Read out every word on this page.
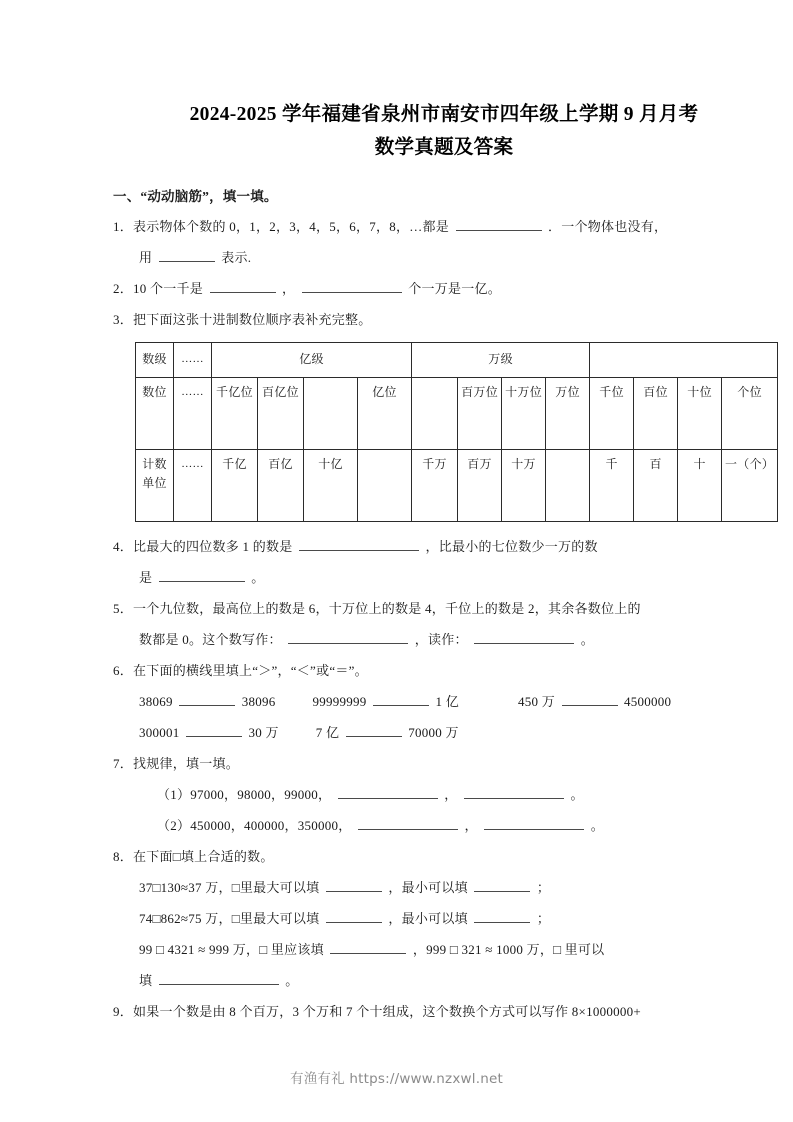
2024-2025 学年福建省泉州市南安市四年级上学期 9 月月考
数学真题及答案
一、“动动脑筋”，填一填。
1．表示物体个数的 0，1，2，3，4，5，6，7，8，…都是	．一个物体也没有，
用	表示.
2．10 个一千是	，	个一万是一亿。
3．把下面这张十进制数位顺序表补充完整。
数级	……	亿级				万级							
数位	……	千亿位	百亿位		亿位		百万位	十万位	万位	千位	百位	十位	个位
计数单位	……	千亿	百亿	十亿		千万	百万	十万		千	百	十	一（个）
4．比最大的四位数多 1 的数是	，比最小的七位数少一万的数
是	。
5．一个九位数，最高位上的数是 6，十万位上的数是 4，千位上的数是 2，其余各数位上的
数都是 0。这个数写作：	，读作：	。
6．在下面的横线里填上“＞”，“＜”或“＝”。
38069	38096	99999999	1 亿	450 万	4500000
300001	30 万	7 亿	70000 万
7．找规律，填一填。
（1）97000，98000，99000，	，	。
（2）450000，400000，350000，	，	。
8．在下面□填上合适的数。
37□130≈37 万，□里最大可以填	，最小可以填	；
74□862≈75 万，□里最大可以填	，最小可以填	；
99 □ 4321 ≈ 999 万，□ 里应该填	，999 □ 321 ≈ 1000 万，□ 里可以
填	。
9．如果一个数是由 8 个百万，3 个万和 7 个十组成，这个数换个方式可以写作 8×1000000+
有渔有礼 https://www.nzxwl.net
